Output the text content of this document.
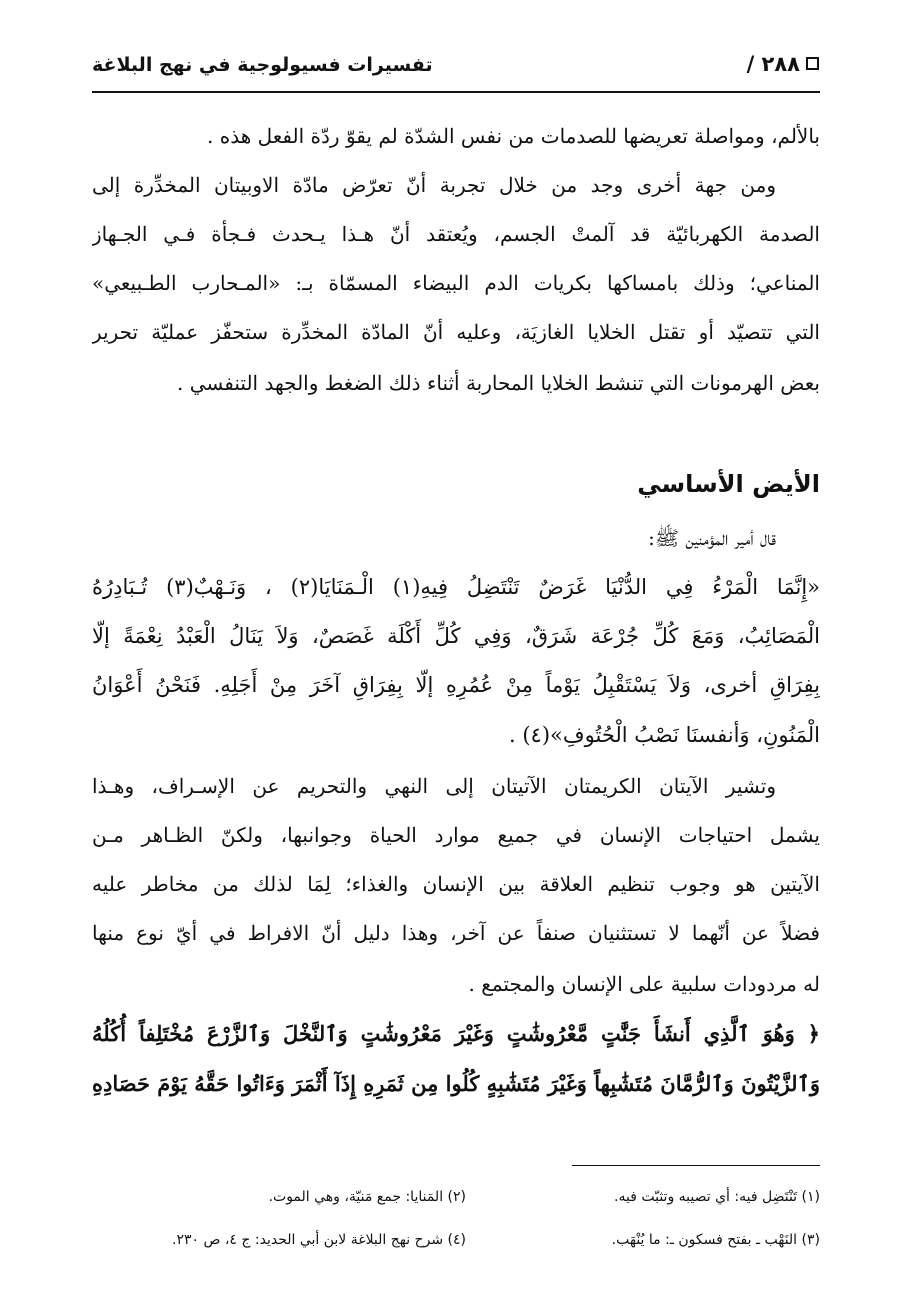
٢٨٨ /
تفسيرات فسيولوجية في نهج البلاغة
بالألم، ومواصلة تعريضها للصدمات من نفس الشدّة لم يقوّ ردّة الفعل هذه .
ومن جهة أخرى وجد من خلال تجربة أنّ تعرّض مادّة الاوبيتان المخدِّرة إلى
الصدمة الكهربائيّة قد آلمتْ الجسم، ويُعتقد أنّ هـذا يـحدث فـجأة فـي الجـهاز
المناعي؛ وذلك بامساكها بكريات الدم البيضاء المسمّاة بـ: «المـحارب الطـبيعي»
التي تتصيّد أو تقتل الخلايا الغازيَة، وعليه أنّ المادّة المخدِّرة ستحفّز عمليّة تحرير
بعض الهرمونات التي تنشط الخلايا المحاربة أثناء ذلك الضغط والجهد التنفسي .
الأيض الأساسي
قال أمير المؤمنين ﷺ:
«إِنَّمَا الْمَرْءُ فِي الدُّنْيَا غَرَضٌ تَنْتَضِلُ فِيهِ(١) الْـمَنَايَا(٢) ، وَنَـهْبٌ(٣) تُـبَادِرُهُ
الْمَصَائِبُ، وَمَعَ كُلِّ جُرْعَة شَرَقٌ، وَفِي كُلِّ أَكْلَة غَصَصٌ، وَلاَ يَنَالُ الْعَبْدُ نِعْمَةً إلّا
بِفِرَاقِ أخرى، وَلاَ يَسْتَقْبِلُ يَوْماً مِنْ عُمُرِهِ إلّا بِفِرَاقِ آخَرَ مِنْ أَجَلِهِ. فَنَحْنُ أَعْوَانُ
الْمَنُونِ، وَأنفسنَا نَصْبُ الْحُتُوفِ»(٤) .
وتشير الآيتان الكريمتان الآتيتان إلى النهي والتحريم عن الإسـراف، وهـذا
يشمل احتياجات الإنسان في جميع موارد الحياة وجوانبها، ولكنّ الظـاهر مـن
الآيتين هو وجوب تنظيم العلاقة بين الإنسان والغذاء؛ لِمَا لذلك من مخاطر عليه
فضلاً عن أنّهما لا تستثنيان صنفاً عن آخر، وهذا دليل أنّ الافراط في أيّ نوع منها
له مردودات سلبية على الإنسان والمجتمع .
﴿ وَهُوَ ٱلَّذِي أَنشَأَ جَنَّٰتٍ مَّعْرُوشَٰتٍ وَغَيْرَ مَعْرُوشَٰتٍ وَٱلنَّخْلَ وَٱلزَّرْعَ مُخْتَلِفاً أُكُلُهُ
وَٱلزَّيْتُونَ وَٱلرُّمَّانَ مُتَشَٰبِهاً وَغَيْرَ مُتَشَٰبِهٍ كُلُوا مِن ثَمَرِهِ إِذَآ أَثْمَرَ وَءَاتُوا حَقَّهُ يَوْمَ حَصَادِهِ
(١) تَنْتَضِل فيه: أي تصيبه وتثبّت فيه.
(٢) المَنايا: جمع مَنيّة، وهي الموت.
(٣) النَهْب ـ بفتح فسكون ـ: ما يُنْهَب.
(٤) شرح نهج البلاغة لابن أبي الحديد: ج ٤، ص ٢٣٠.
